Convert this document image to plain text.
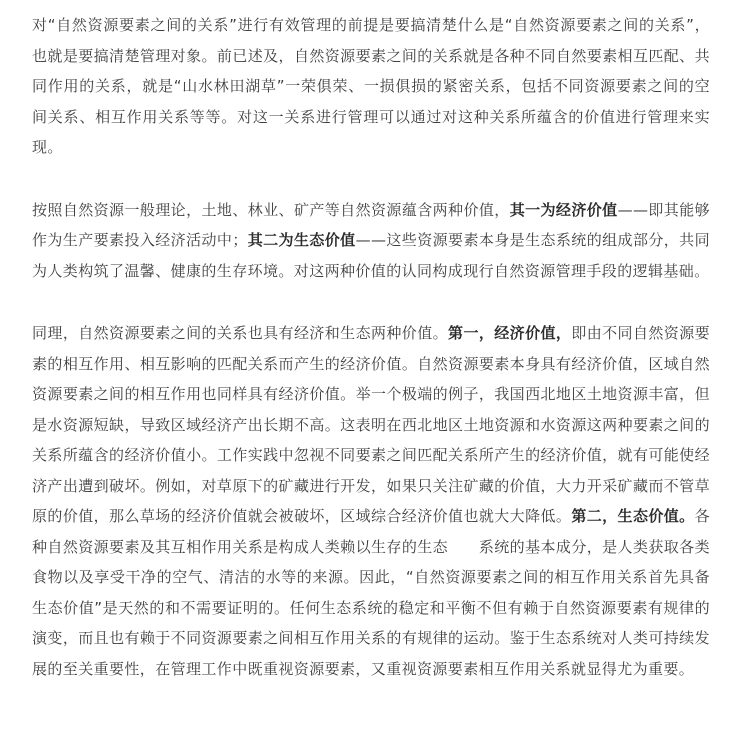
对“自然资源要素之间的关系”进行有效管理的前提是要搞清楚什么是“自然资源要素之间的关系”，也就是要搞清楚管理对象。前已述及，自然资源要素之间的关系就是各种不同自然要素相互匹配、共同作用的关系，就是“山水林田湖草”一荣俱荣、一损俱损的紧密关系，包括不同资源要素之间的空间关系、相互作用关系等等。对这一关系进行管理可以通过对这种关系所蕴含的价值进行管理来实现。

按照自然资源一般理论，土地、林业、矿产等自然资源蕴含两种价值，其一为经济价值——即其能够作为生产要素投入经济活动中；其二为生态价值——这些资源要素本身是生态系统的组成部分，共同为人类构筑了温馨、健康的生存环境。对这两种价值的认同构成现行自然资源管理手段的逻辑基础。

同理，自然资源要素之间的关系也具有经济和生态两种价值。第一，经济价值，即由不同自然资源要素的相互作用、相互影响的匹配关系而产生的经济价值。自然资源要素本身具有经济价值，区域自然资源要素之间的相互作用也同样具有经济价值。举一个极端的例子，我国西北地区土地资源丰富，但是水资源短缺，导致区域经济产出长期不高。这表明在西北地区土地资源和水资源这两种要素之间的关系所蕴含的经济价值小。工作实践中忽视不同要素之间匹配关系所产生的经济价值，就有可能使经济产出遭到破坏。例如，对草原下的矿藏进行开发，如果只关注矿藏的价值，大力开采矿藏而不管草原的价值，那么草场的经济价值就会被破坏，区域综合经济价值也就大大降低。第二，生态价值。各种自然资源要素及其互相作用关系是构成人类赖以生存的生态　　系统的基本成分，是人类获取各类食物以及享受干净的空气、清洁的水等的来源。因此，“自然资源要素之间的相互作用关系首先具备生态价值”是天然的和不需要证明的。任何生态系统的稳定和平衡不但有赖于自然资源要素有规律的演变，而且也有赖于不同资源要素之间相互作用关系的有规律的运动。鉴于生态系统对人类可持续发展的至关重要性，在管理工作中既重视资源要素，又重视资源要素相互作用关系就显得尤为重要。
